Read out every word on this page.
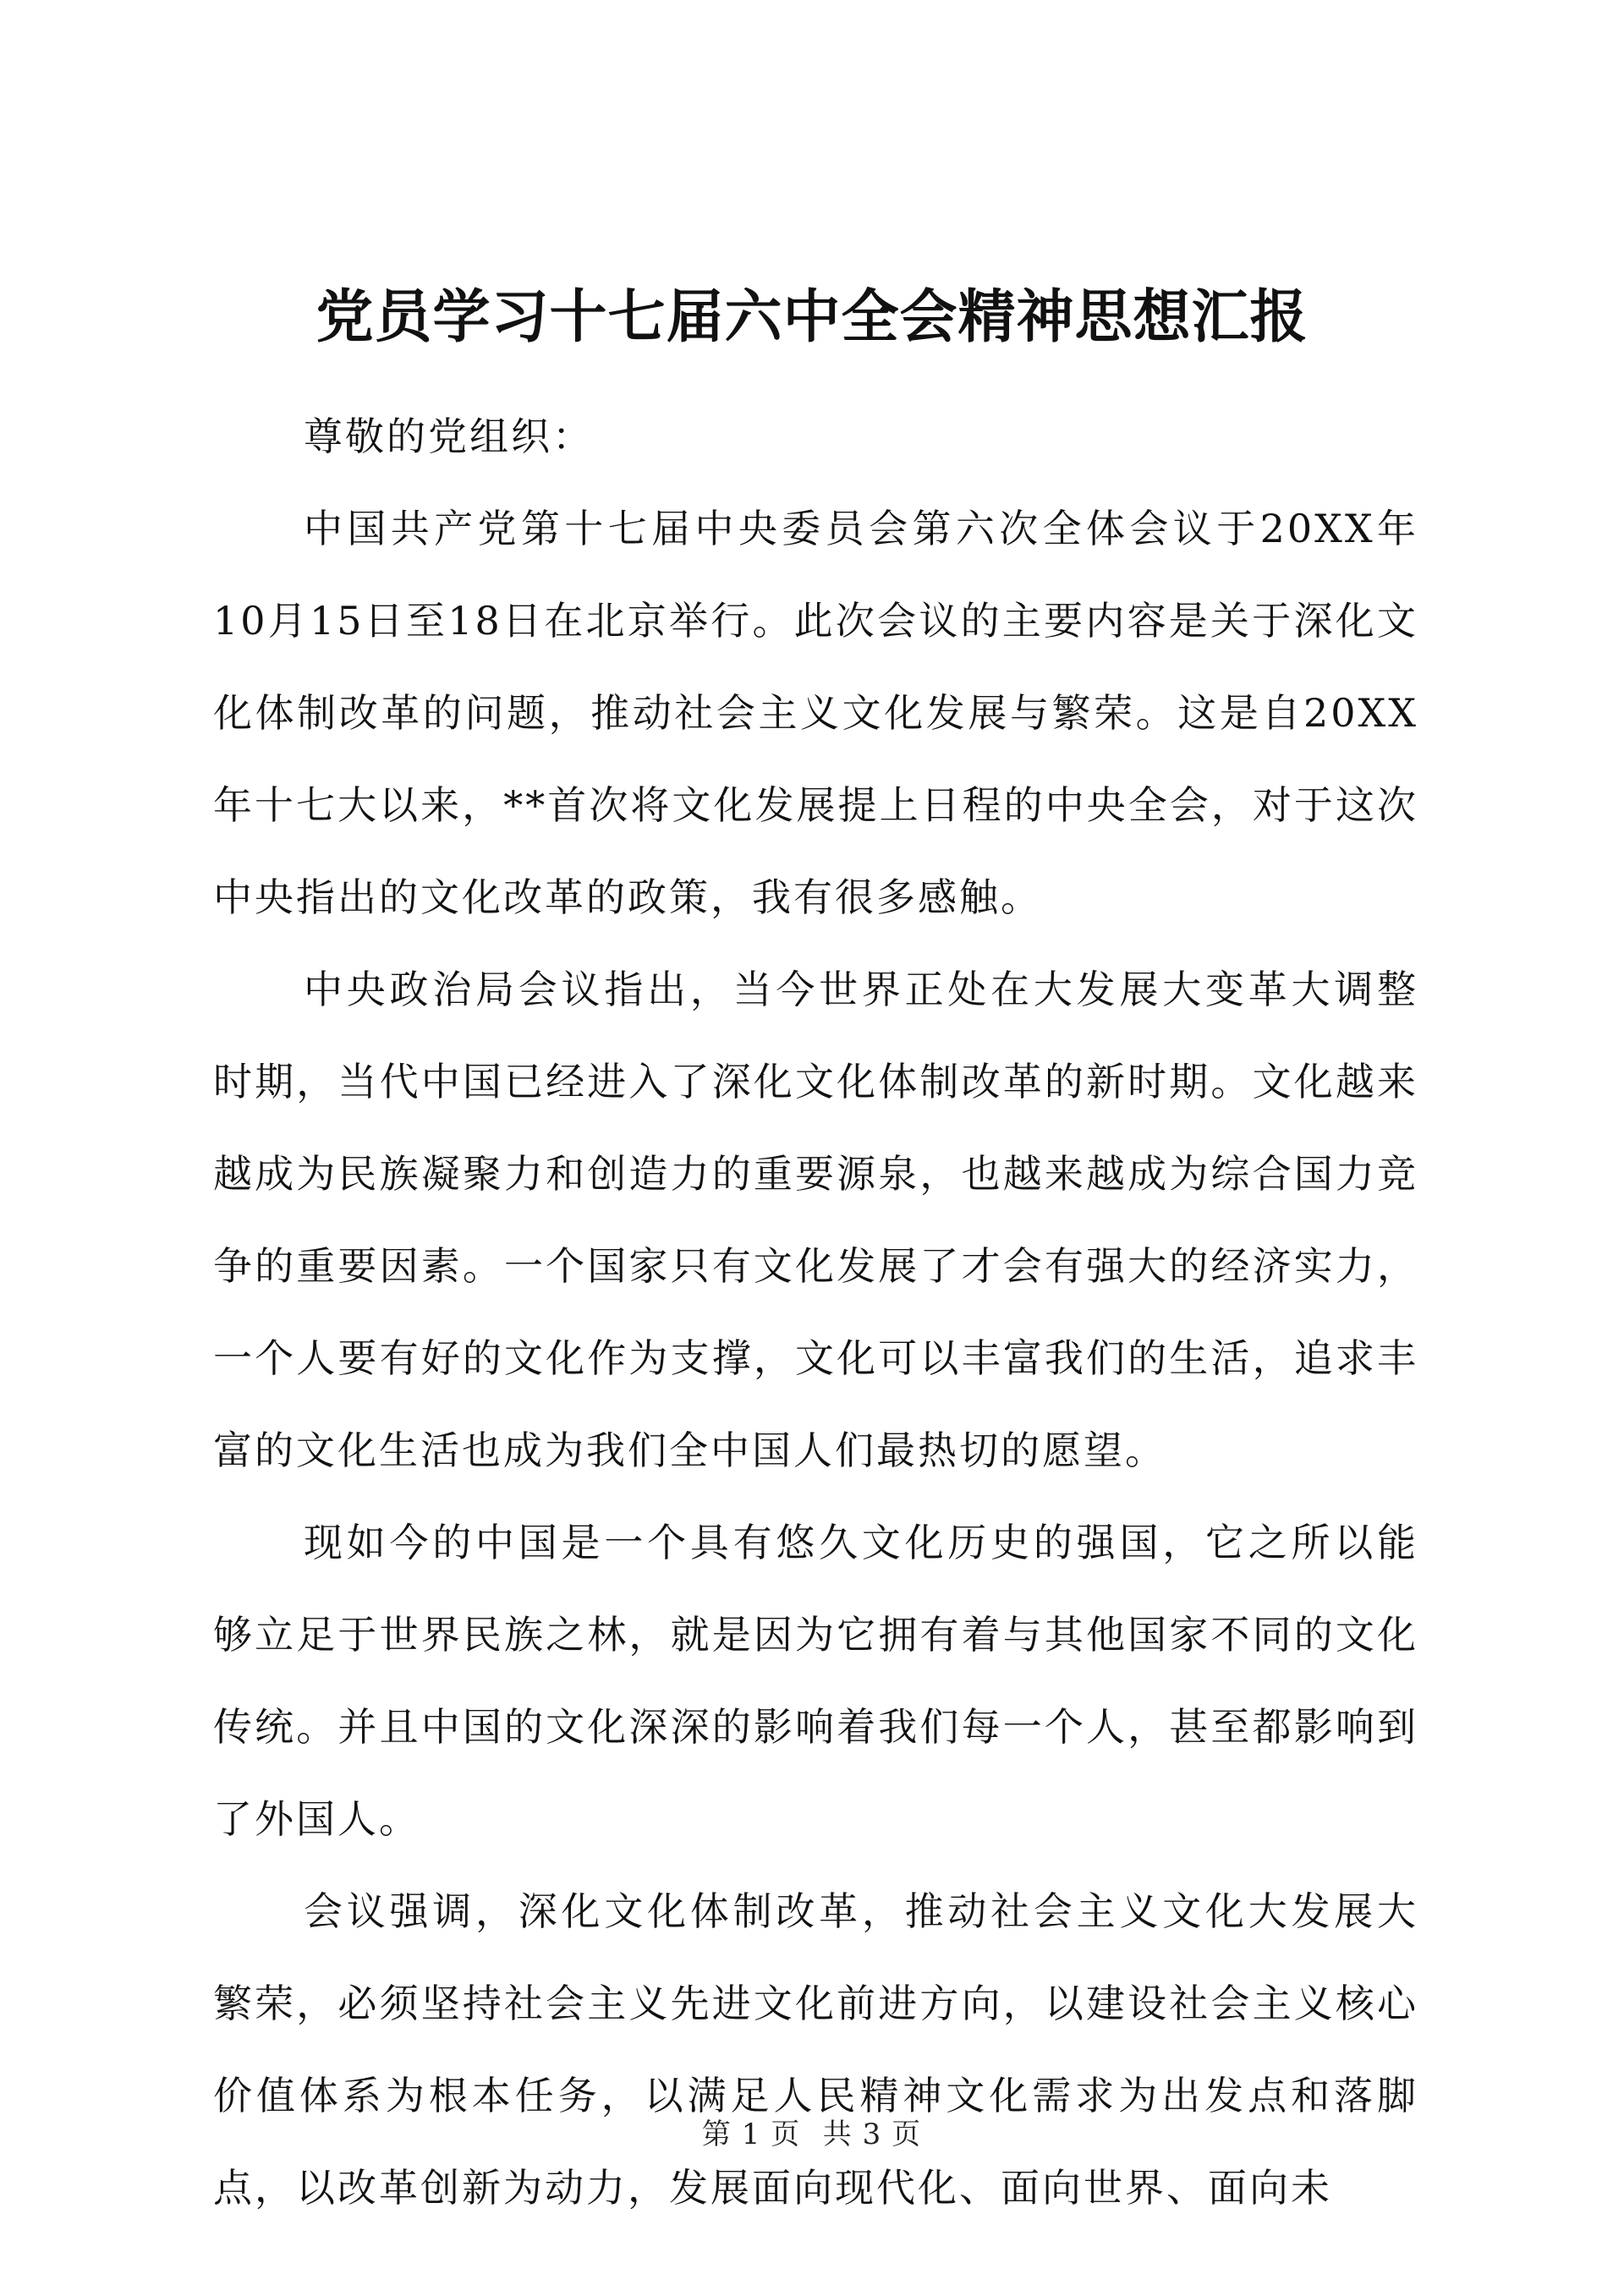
党员学习十七届六中全会精神思想汇报

尊敬的党组织：

中国共产党第十七届中央委员会第六次全体会议于20XX年10月15日至18日在北京举行。此次会议的主要内容是关于深化文化体制改革的问题，推动社会主义文化发展与繁荣。这是自20XX年十七大以来，**首次将文化发展提上日程的中央全会，对于这次中央指出的文化改革的政策，我有很多感触。

中央政治局会议指出，当今世界正处在大发展大变革大调整时期，当代中国已经进入了深化文化体制改革的新时期。文化越来越成为民族凝聚力和创造力的重要源泉，也越来越成为综合国力竞争的重要因素。一个国家只有文化发展了才会有强大的经济实力，一个人要有好的文化作为支撑，文化可以丰富我们的生活，追求丰富的文化生活也成为我们全中国人们最热切的愿望。

现如今的中国是一个具有悠久文化历史的强国，它之所以能够立足于世界民族之林，就是因为它拥有着与其他国家不同的文化传统。并且中国的文化深深的影响着我们每一个人，甚至都影响到了外国人。

会议强调，深化文化体制改革，推动社会主义文化大发展大繁荣，必须坚持社会主义先进文化前进方向，以建设社会主义核心价值体系为根本任务，以满足人民精神文化需求为出发点和落脚点，以改革创新为动力，发展面向现代化、面向世界、面向未

第 1 页  共 3 页
